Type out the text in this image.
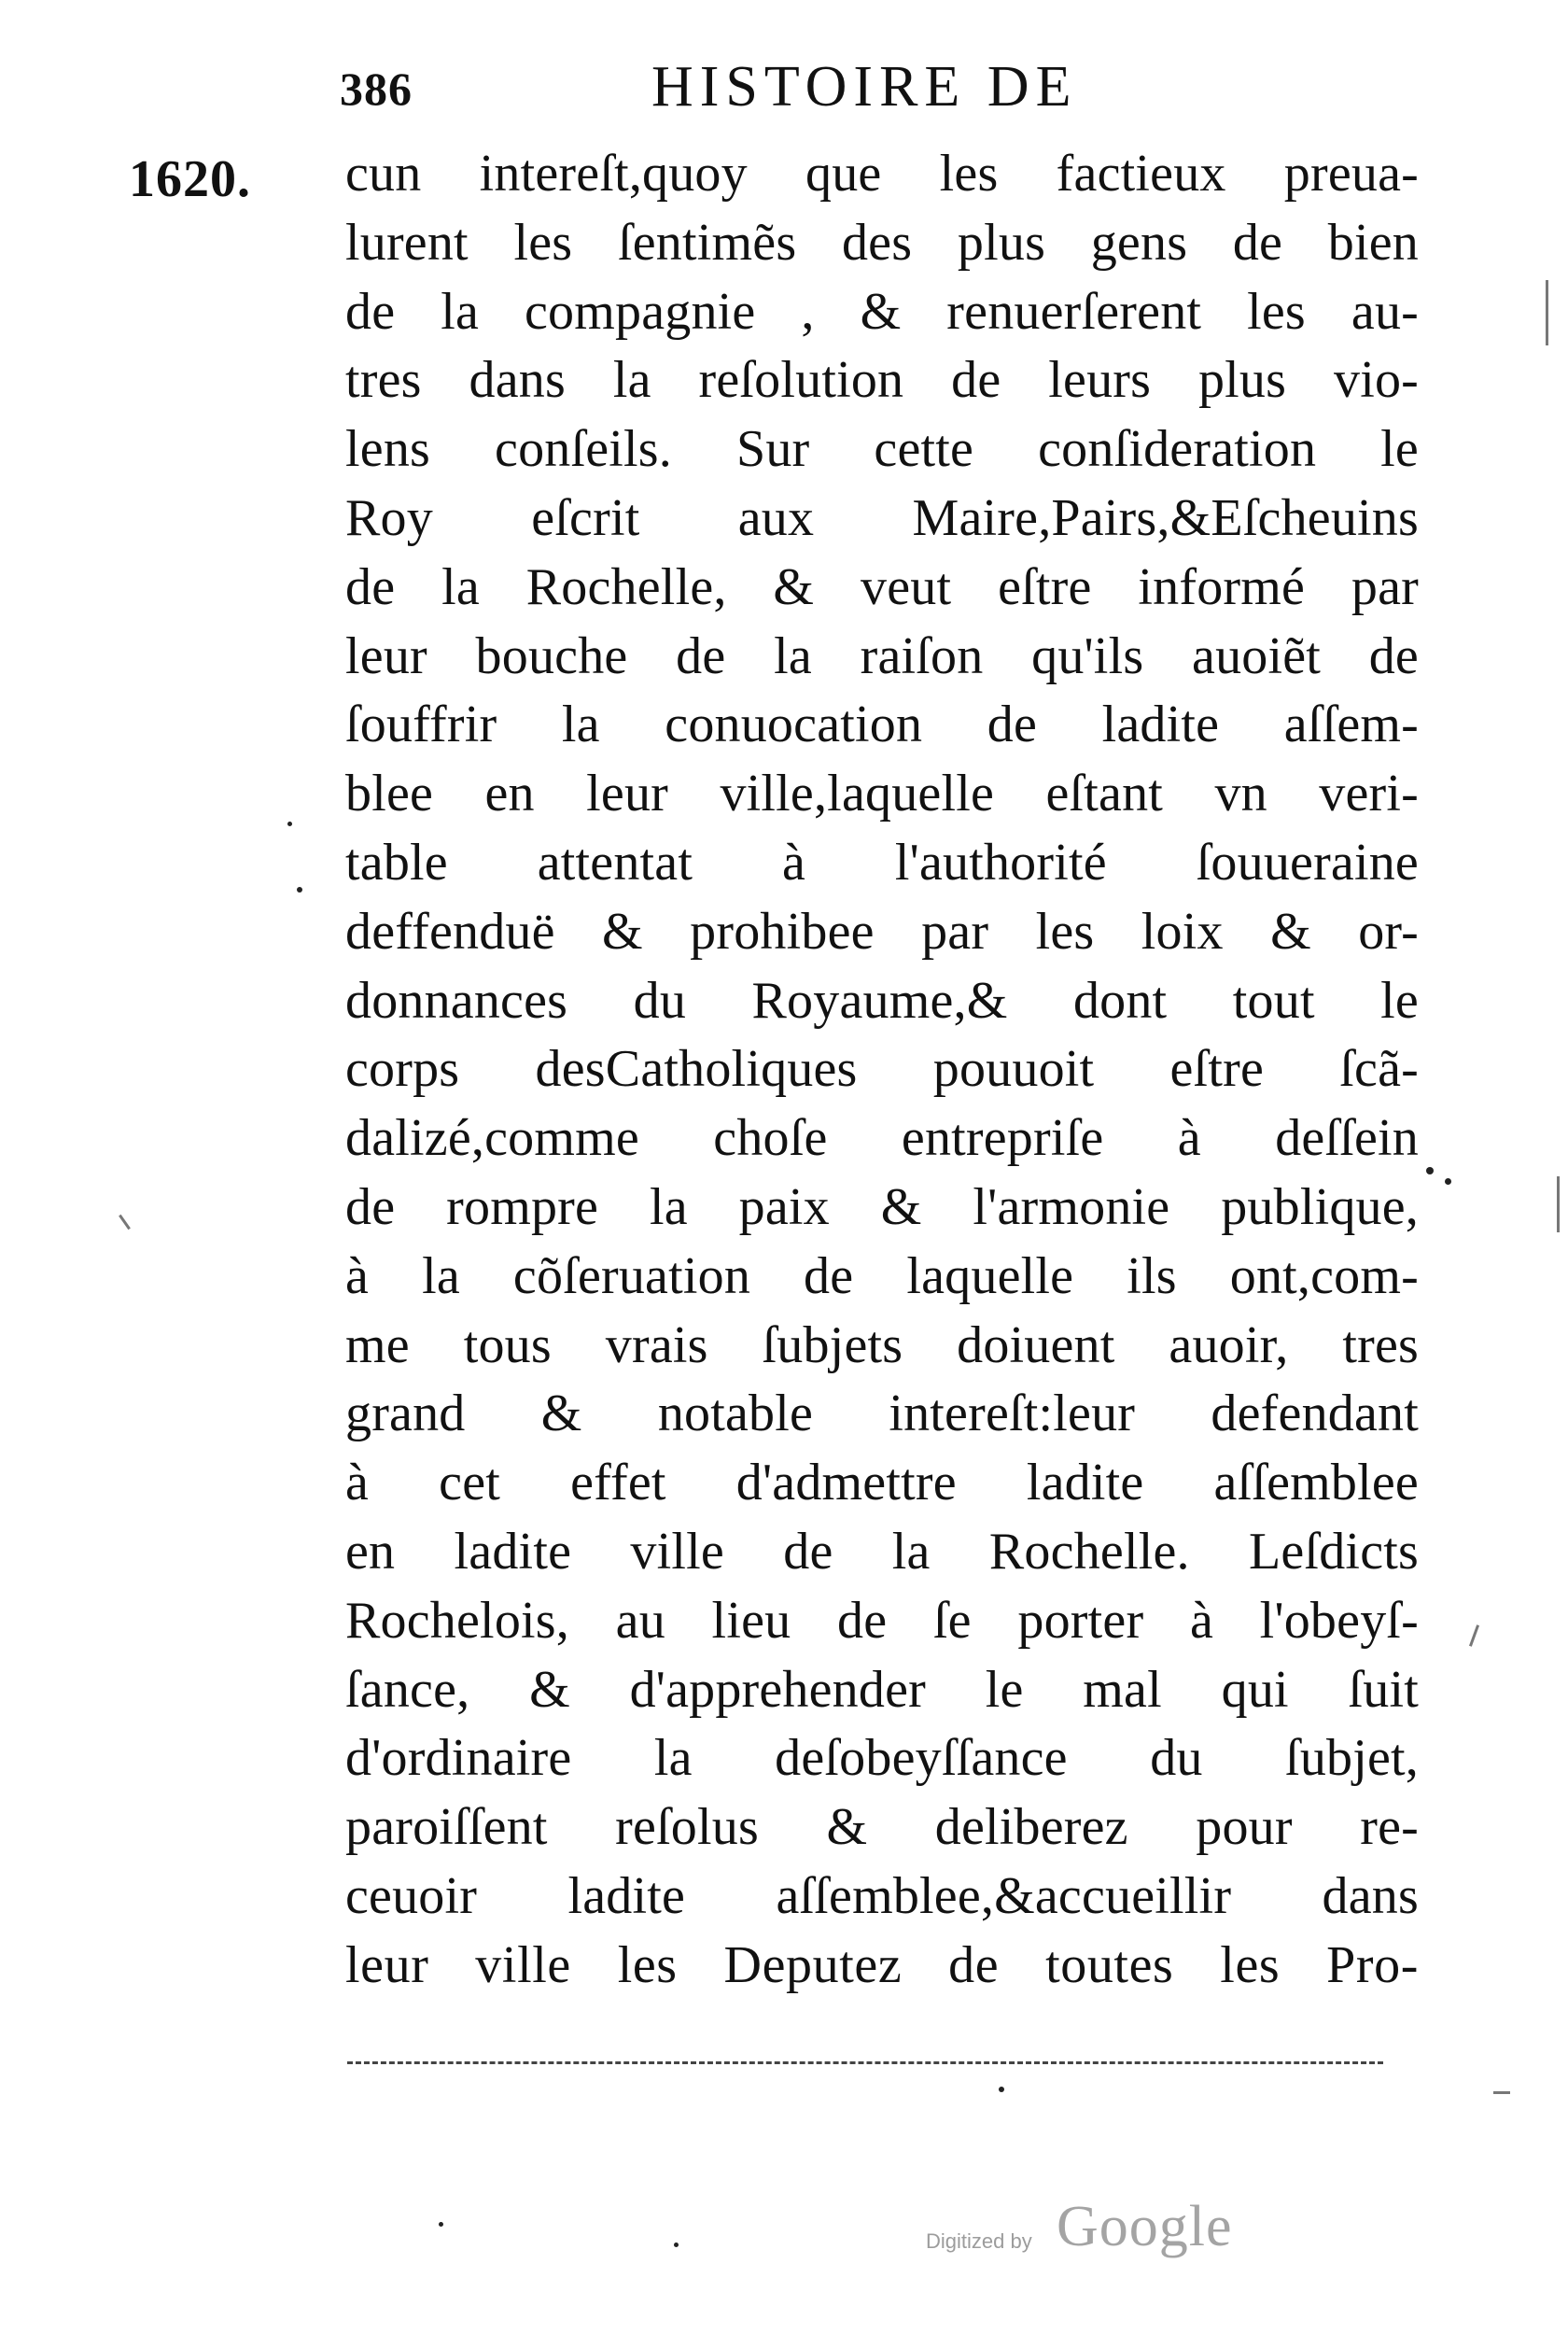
386	HISTOIRE DE
1620. cun intereſt,quoy que les factieux preua-
lurent les ſentimẽs des plus gens de bien
de la compagnie , & renuerſerent les au-
tres dans la reſolution de leurs plus vio-
lens conſeils. Sur cette conſideration le
Roy eſcrit aux Maire,Pairs,&Eſcheuins
de la Rochelle, & veut eſtre informé par
leur bouche de la raiſon qu'ils auoiẽt de
ſouffrir la conuocation de ladite aſſem-
blee en leur ville,laquelle eſtant vn veri-
table attentat à l'authorité ſouueraine
deffenduë & prohibee par les loix & or-
donnances du Royaume,& dont tout le
corps desCatholiques pouuoit eſtre ſcã-
dalizé,comme choſe entrepriſe à deſſein
de rompre la paix & l'armonie publique,
à la cõſeruation de laquelle ils ont,com-
me tous vrais ſubjets doiuent auoir, tres
grand & notable intereſt:leur defendant
à cet effet d'admettre ladite aſſemblee
en ladite ville de la Rochelle. Leſdicts
Rochelois, au lieu de ſe porter à l'obeyſ-
ſance, & d'apprehender le mal qui ſuit
d'ordinaire la deſobeyſſance du ſubjet,
paroiſſent reſolus & deliberez pour re-
ceuoir ladite aſſemblee,&accueillir dans
leur ville les Deputez de toutes les Pro-
Digitized by Google
